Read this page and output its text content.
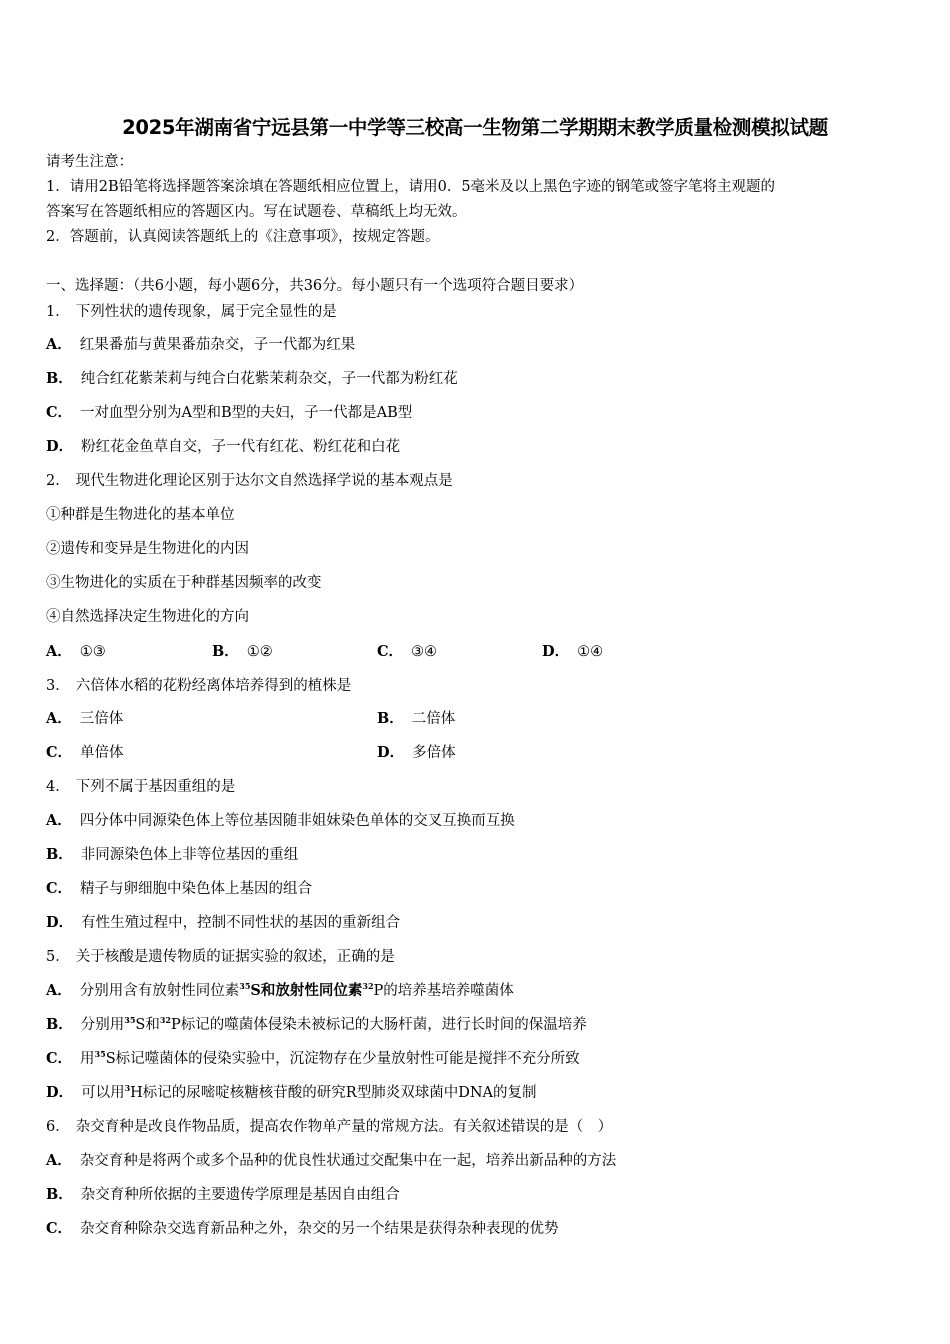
2025年湖南省宁远县第一中学等三校高一生物第二学期期末教学质量检测模拟试题
请考生注意：
1．请用2B铅笔将选择题答案涂填在答题纸相应位置上，请用0．5毫米及以上黑色字迹的钢笔或签字笔将主观题的
答案写在答题纸相应的答题区内。写在试题卷、草稿纸上均无效。
2．答题前，认真阅读答题纸上的《注意事项》，按规定答题。
一、选择题：（共6小题，每小题6分，共36分。每小题只有一个选项符合题目要求）
1． 下列性状的遗传现象，属于完全显性的是
A． 红果番茄与黄果番茄杂交，子一代都为红果
B． 纯合红花紫茉莉与纯合白花紫茉莉杂交，子一代都为粉红花
C． 一对血型分别为A型和B型的夫妇，子一代都是AB型
D． 粉红花金鱼草自交，子一代有红花、粉红花和白花
2． 现代生物进化理论区别于达尔文自然选择学说的基本观点是
①种群是生物进化的基本单位
②遗传和变异是生物进化的内因
③生物进化的实质在于种群基因频率的改变
④自然选择决定生物进化的方向
A． ①③	B． ①②	C． ③④	D． ①④
3． 六倍体水稻的花粉经离体培养得到的植株是
A． 三倍体	B． 二倍体
C． 单倍体	D． 多倍体
4． 下列不属于基因重组的是
A． 四分体中同源染色体上等位基因随非姐妹染色单体的交叉互换而互换
B． 非同源染色体上非等位基因的重组
C． 精子与卵细胞中染色体上基因的组合
D． 有性生殖过程中，控制不同性状的基因的重新组合
5． 关于核酸是遗传物质的证据实验的叙述，正确的是
A． 分别用含有放射性同位素$^{35}$S和放射性同位素$^{32}$P的培养基培养噬菌体
B． 分别用$^{35}$S和$^{32}$P标记的噬菌体侵染未被标记的大肠杆菌，进行长时间的保温培养
C． 用$^{35}$S标记噬菌体的侵染实验中，沉淀物存在少量放射性可能是搅拌不充分所致
D． 可以用$^3$H标记的尿嘧啶核糖核苷酸的研究R型肺炎双球菌中DNA的复制
6． 杂交育种是改良作物品质，提高农作物单产量的常规方法。有关叙述错误的是（　）
A． 杂交育种是将两个或多个品种的优良性状通过交配集中在一起，培养出新品种的方法
B． 杂交育种所依据的主要遗传学原理是基因自由组合
C． 杂交育种除杂交选育新品种之外，杂交的另一个结果是获得杂种表现的优势
